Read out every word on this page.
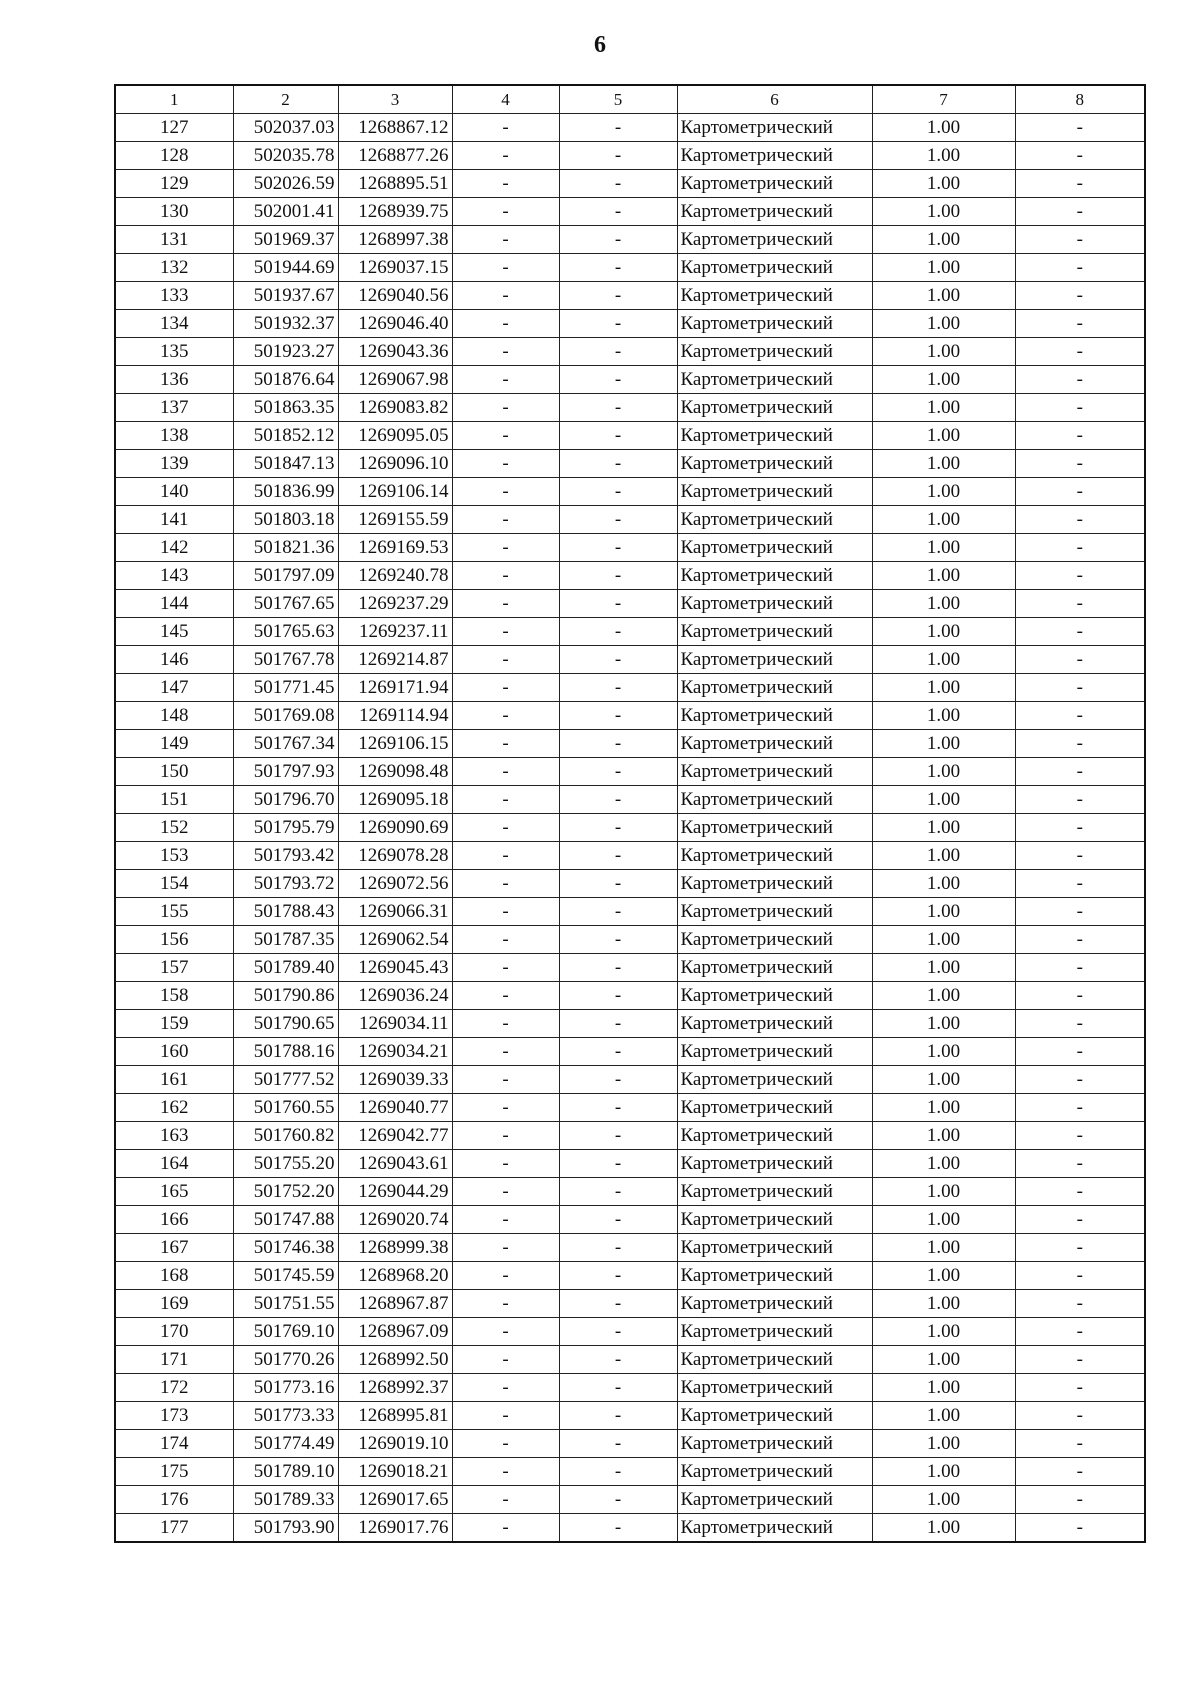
6
1	2	3	4	5	6	7	8
127	502037.03	1268867.12	-	-	Картометрический	1.00	-
128	502035.78	1268877.26	-	-	Картометрический	1.00	-
129	502026.59	1268895.51	-	-	Картометрический	1.00	-
130	502001.41	1268939.75	-	-	Картометрический	1.00	-
131	501969.37	1268997.38	-	-	Картометрический	1.00	-
132	501944.69	1269037.15	-	-	Картометрический	1.00	-
133	501937.67	1269040.56	-	-	Картометрический	1.00	-
134	501932.37	1269046.40	-	-	Картометрический	1.00	-
135	501923.27	1269043.36	-	-	Картометрический	1.00	-
136	501876.64	1269067.98	-	-	Картометрический	1.00	-
137	501863.35	1269083.82	-	-	Картометрический	1.00	-
138	501852.12	1269095.05	-	-	Картометрический	1.00	-
139	501847.13	1269096.10	-	-	Картометрический	1.00	-
140	501836.99	1269106.14	-	-	Картометрический	1.00	-
141	501803.18	1269155.59	-	-	Картометрический	1.00	-
142	501821.36	1269169.53	-	-	Картометрический	1.00	-
143	501797.09	1269240.78	-	-	Картометрический	1.00	-
144	501767.65	1269237.29	-	-	Картометрический	1.00	-
145	501765.63	1269237.11	-	-	Картометрический	1.00	-
146	501767.78	1269214.87	-	-	Картометрический	1.00	-
147	501771.45	1269171.94	-	-	Картометрический	1.00	-
148	501769.08	1269114.94	-	-	Картометрический	1.00	-
149	501767.34	1269106.15	-	-	Картометрический	1.00	-
150	501797.93	1269098.48	-	-	Картометрический	1.00	-
151	501796.70	1269095.18	-	-	Картометрический	1.00	-
152	501795.79	1269090.69	-	-	Картометрический	1.00	-
153	501793.42	1269078.28	-	-	Картометрический	1.00	-
154	501793.72	1269072.56	-	-	Картометрический	1.00	-
155	501788.43	1269066.31	-	-	Картометрический	1.00	-
156	501787.35	1269062.54	-	-	Картометрический	1.00	-
157	501789.40	1269045.43	-	-	Картометрический	1.00	-
158	501790.86	1269036.24	-	-	Картометрический	1.00	-
159	501790.65	1269034.11	-	-	Картометрический	1.00	-
160	501788.16	1269034.21	-	-	Картометрический	1.00	-
161	501777.52	1269039.33	-	-	Картометрический	1.00	-
162	501760.55	1269040.77	-	-	Картометрический	1.00	-
163	501760.82	1269042.77	-	-	Картометрический	1.00	-
164	501755.20	1269043.61	-	-	Картометрический	1.00	-
165	501752.20	1269044.29	-	-	Картометрический	1.00	-
166	501747.88	1269020.74	-	-	Картометрический	1.00	-
167	501746.38	1268999.38	-	-	Картометрический	1.00	-
168	501745.59	1268968.20	-	-	Картометрический	1.00	-
169	501751.55	1268967.87	-	-	Картометрический	1.00	-
170	501769.10	1268967.09	-	-	Картометрический	1.00	-
171	501770.26	1268992.50	-	-	Картометрический	1.00	-
172	501773.16	1268992.37	-	-	Картометрический	1.00	-
173	501773.33	1268995.81	-	-	Картометрический	1.00	-
174	501774.49	1269019.10	-	-	Картометрический	1.00	-
175	501789.10	1269018.21	-	-	Картометрический	1.00	-
176	501789.33	1269017.65	-	-	Картометрический	1.00	-
177	501793.90	1269017.76	-	-	Картометрический	1.00	-
